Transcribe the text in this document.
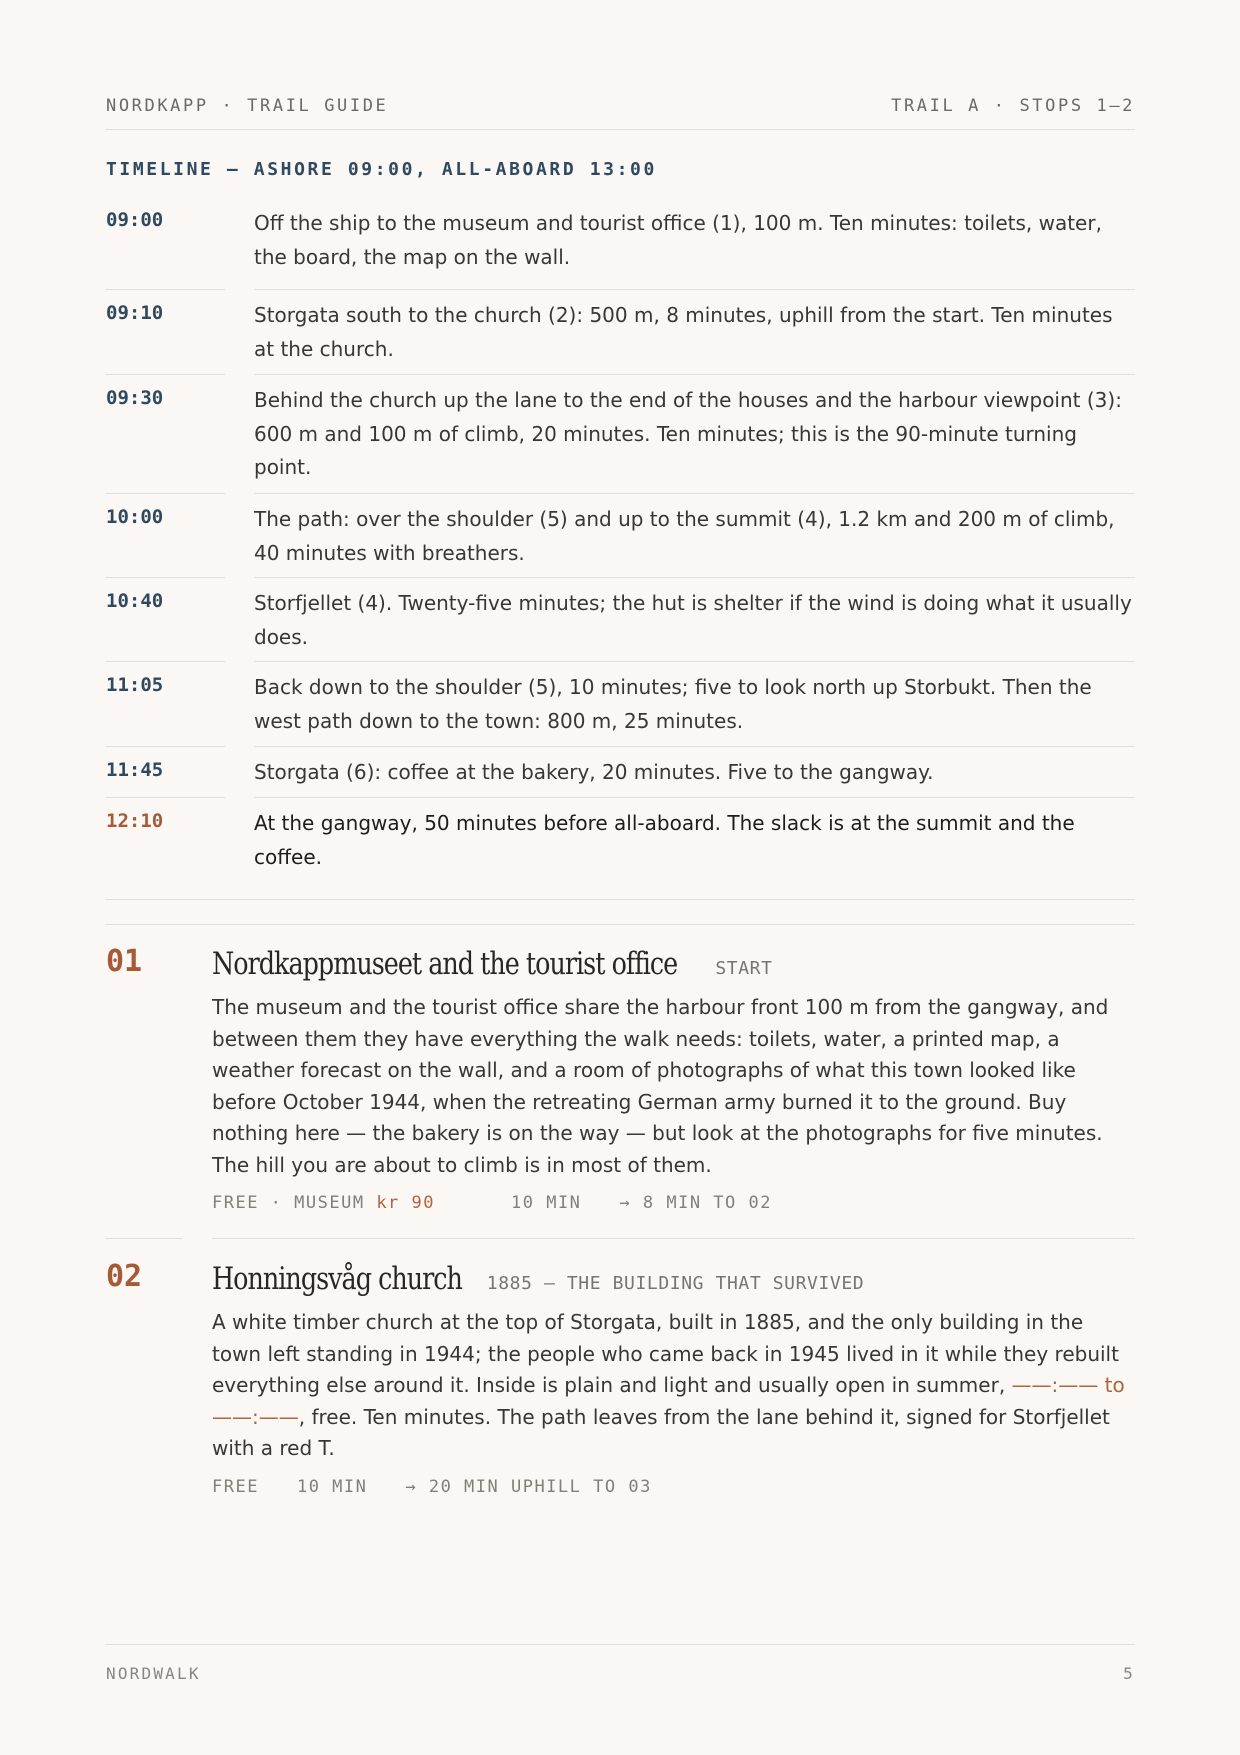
NORDKAPP · TRAIL GUIDE	TRAIL A · STOPS 1–2
TIMELINE — ASHORE 09:00, ALL-ABOARD 13:00
09:00	Off the ship to the museum and tourist office (1), 100 m. Ten minutes: toilets, water, the board, the map on the wall.
09:10	Storgata south to the church (2): 500 m, 8 minutes, uphill from the start. Ten minutes at the church.
09:30	Behind the church up the lane to the end of the houses and the harbour viewpoint (3): 600 m and 100 m of climb, 20 minutes. Ten minutes; this is the 90-minute turning point.
10:00	The path: over the shoulder (5) and up to the summit (4), 1.2 km and 200 m of climb, 40 minutes with breathers.
10:40	Storfjellet (4). Twenty-five minutes; the hut is shelter if the wind is doing what it usually does.
11:05	Back down to the shoulder (5), 10 minutes; five to look north up Storbukt. Then the west path down to the town: 800 m, 25 minutes.
11:45	Storgata (6): coffee at the bakery, 20 minutes. Five to the gangway.
12:10	At the gangway, 50 minutes before all-aboard. The slack is at the summit and the coffee.
01 Nordkappmuseet and the tourist office START
The museum and the tourist office share the harbour front 100 m from the gangway, and between them they have everything the walk needs: toilets, water, a printed map, a weather forecast on the wall, and a room of photographs of what this town looked like before October 1944, when the retreating German army burned it to the ground. Buy nothing here — the bakery is on the way — but look at the photographs for five minutes. The hill you are about to climb is in most of them.
FREE · MUSEUM kr 90	10 MIN → 8 MIN TO 02
02 Honningsvåg church 1885 — THE BUILDING THAT SURVIVED
A white timber church at the top of Storgata, built in 1885, and the only building in the town left standing in 1944; the people who came back in 1945 lived in it while they rebuilt everything else around it. Inside is plain and light and usually open in summer, ——:—— to ——:——, free. Ten minutes. The path leaves from the lane behind it, signed for Storfjellet with a red T.
FREE 10 MIN → 20 MIN UPHILL TO 03
NORDWALK	5
